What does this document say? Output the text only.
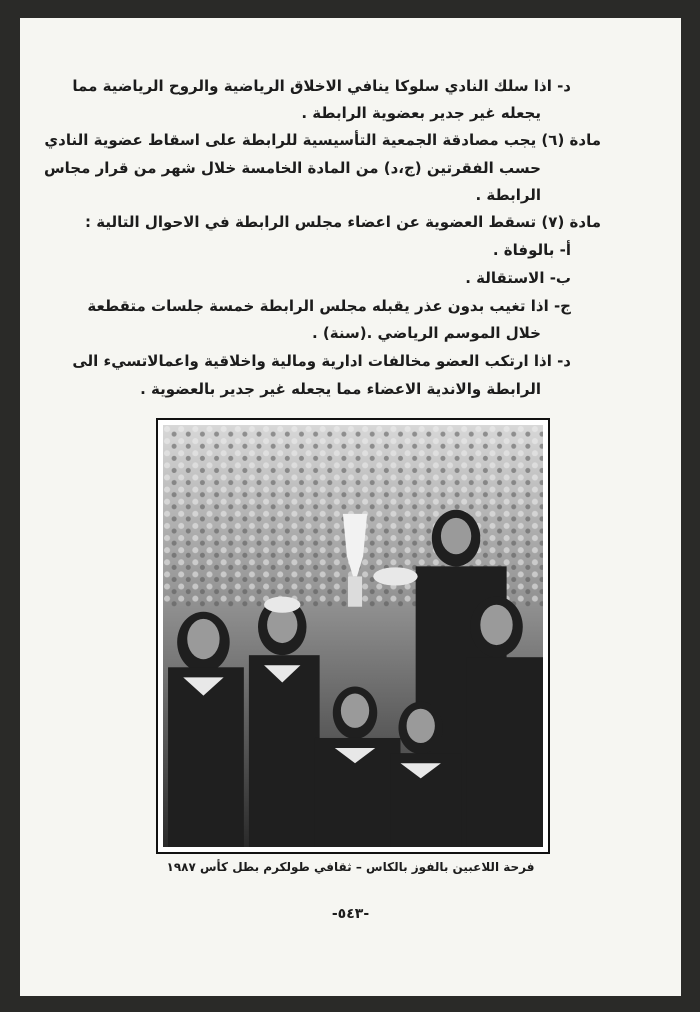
د- اذا سلك النادي سلوكا ينافي الاخلاق الرياضية والروح الرياضية مما
يجعله غير جدير بعضوية الرابطة .
مادة (٦) يجب مصادقة الجمعية التأسيسية للرابطة على اسقاط عضوية النادي
حسب الفقرتين (ج،د) من المادة الخامسة خلال شهر من قرار مجاس
الرابطة .
مادة (٧) تسقط العضوية عن اعضاء مجلس الرابطة في الاحوال التالية :
أ- بالوفاة .
ب- الاستقالة .
ج- اذا تغيب بدون عذر يقبله مجلس الرابطة خمسة جلسات متقطعة
خلال الموسم الرياضي .(سنة) .
د- اذا ارتكب العضو مخالفات ادارية ومالية واخلاقية واعمالاتسيء الى
الرابطة والاندية الاعضاء مما يجعله غير جدير بالعضوية .
فرحة اللاعبين بالفوز بالكاس – ثقافي طولكرم بطل كأس ١٩٨٧
-٥٤٣-
